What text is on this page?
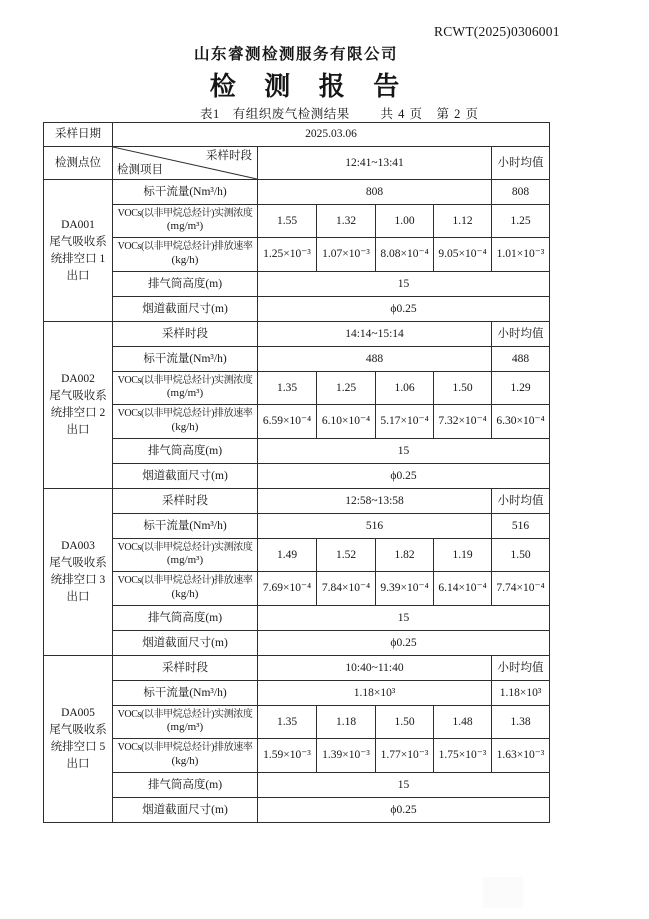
RCWT(2025)0306001
山东睿测检测服务有限公司
检 测 报 告
表1　有组织废气检测结果 共 4 页　第 2 页
采样日期	2025.03.06					
检测点位	采样时段
检测项目	12:41~13:41				小时均值

DA001
尾气吸收系
统排空口 1
出口	标干流量(Nm³/h)	808				808

	VOCs(以非甲烷总烃计)实测浓度
(mg/m³)	1.55	1.32	1.00	1.12	1.25

	VOCs(以非甲烷总烃计)排放速率
(kg/h)	1.25×10⁻³	1.07×10⁻³	8.08×10⁻⁴	9.05×10⁻⁴	1.01×10⁻³
	排气筒高度(m)	15				
	烟道截面尺寸(m)	ϕ0.25				

DA002
尾气吸收系
统排空口 2
出口	采样时段	14:14~15:14				小时均值
	标干流量(Nm³/h)	488				488

	VOCs(以非甲烷总烃计)实测浓度
(mg/m³)	1.35	1.25	1.06	1.50	1.29

	VOCs(以非甲烷总烃计)排放速率
(kg/h)	6.59×10⁻⁴	6.10×10⁻⁴	5.17×10⁻⁴	7.32×10⁻⁴	6.30×10⁻⁴
	排气筒高度(m)	15				
	烟道截面尺寸(m)	ϕ0.25				

DA003
尾气吸收系
统排空口 3
出口	采样时段	12:58~13:58				小时均值
	标干流量(Nm³/h)	516				516

	VOCs(以非甲烷总烃计)实测浓度
(mg/m³)	1.49	1.52	1.82	1.19	1.50

	VOCs(以非甲烷总烃计)排放速率
(kg/h)	7.69×10⁻⁴	7.84×10⁻⁴	9.39×10⁻⁴	6.14×10⁻⁴	7.74×10⁻⁴
	排气筒高度(m)	15				
	烟道截面尺寸(m)	ϕ0.25				

DA005
尾气吸收系
统排空口 5
出口	采样时段	10:40~11:40				小时均值
	标干流量(Nm³/h)	1.18×10³				1.18×10³

	VOCs(以非甲烷总烃计)实测浓度
(mg/m³)	1.35	1.18	1.50	1.48	1.38

	VOCs(以非甲烷总烃计)排放速率
(kg/h)	1.59×10⁻³	1.39×10⁻³	1.77×10⁻³	1.75×10⁻³	1.63×10⁻³
	排气筒高度(m)	15				
	烟道截面尺寸(m)	ϕ0.25				
